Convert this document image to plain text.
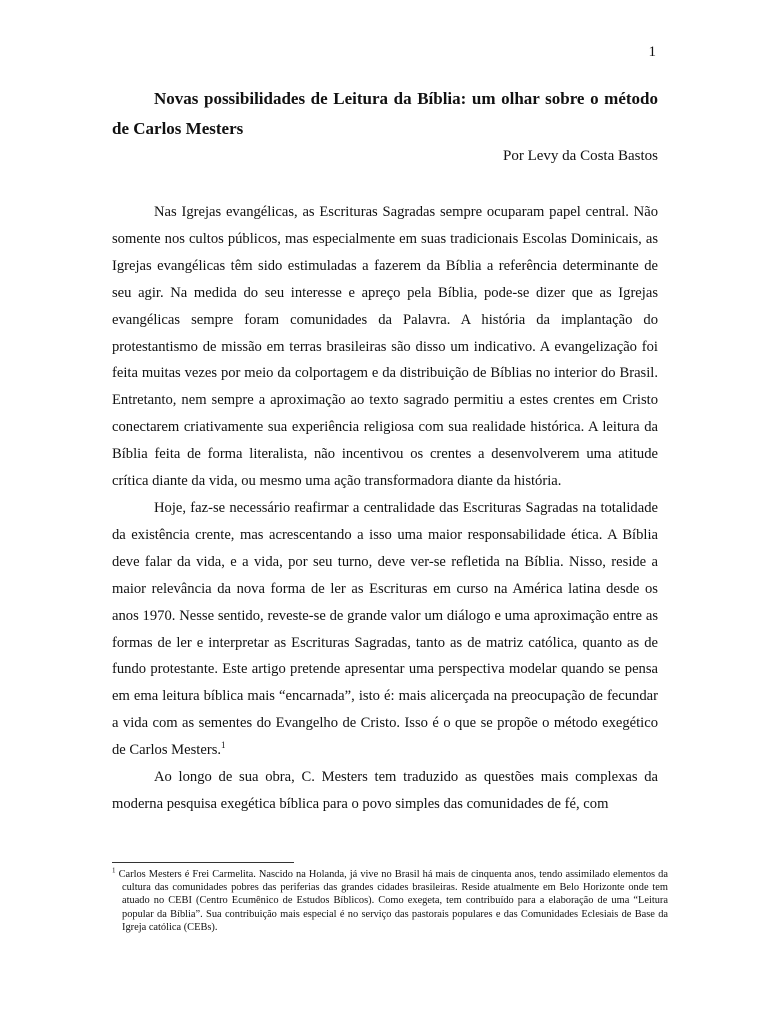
1
Novas possibilidades de Leitura da Bíblia: um olhar sobre o método de Carlos Mesters
Por Levy da Costa Bastos

Nas Igrejas evangélicas, as Escrituras Sagradas sempre ocuparam papel central. Não somente nos cultos públicos, mas especialmente em suas tradicionais Escolas Dominicais, as Igrejas evangélicas têm sido estimuladas a fazerem da Bíblia a referência determinante de seu agir. Na medida do seu interesse e apreço pela Bíblia, pode-se dizer que as Igrejas evangélicas sempre foram comunidades da Palavra. A história da implantação do protestantismo de missão em terras brasileiras são disso um indicativo. A evangelização foi feita muitas vezes por meio da colportagem e da distribuição de Bíblias no interior do Brasil. Entretanto, nem sempre a aproximação ao texto sagrado permitiu a estes crentes em Cristo conectarem criativamente sua experiência religiosa com sua realidade histórica. A leitura da Bíblia feita de forma literalista, não incentivou os crentes a desenvolverem uma atitude crítica diante da vida, ou mesmo uma ação transformadora diante da história.

Hoje, faz-se necessário reafirmar a centralidade das Escrituras Sagradas na totalidade da existência crente, mas acrescentando a isso uma maior responsabilidade ética. A Bíblia deve falar da vida, e a vida, por seu turno, deve ver-se refletida na Bíblia. Nisso, reside a maior relevância da nova forma de ler as Escrituras em curso na América latina desde os anos 1970. Nesse sentido, reveste-se de grande valor um diálogo e uma aproximação entre as formas de ler e interpretar as Escrituras Sagradas, tanto as de matriz católica, quanto as de fundo protestante. Este artigo pretende apresentar uma perspectiva modelar quando se pensa em ema leitura bíblica mais “encarnada”, isto é: mais alicerçada na preocupação de fecundar a vida com as sementes do Evangelho de Cristo. Isso é o que se propõe o método exegético de Carlos Mesters.$^1$

Ao longo de sua obra, C. Mesters tem traduzido as questões mais complexas da moderna pesquisa exegética bíblica para o povo simples das comunidades de fé, com

$^1$ Carlos Mesters é Frei Carmelita. Nascido na Holanda, já vive no Brasil há mais de cinquenta anos, tendo assimilado elementos da cultura das comunidades pobres das periferias das grandes cidades brasileiras. Reside atualmente em Belo Horizonte onde tem atuado no CEBI (Centro Ecumênico de Estudos Bíblicos). Como exegeta, tem contribuído para a elaboração de uma “Leitura popular da Bíblia”. Sua contribuição mais especial é no serviço das pastorais populares e das Comunidades Eclesiais de Base da Igreja católica (CEBs).
